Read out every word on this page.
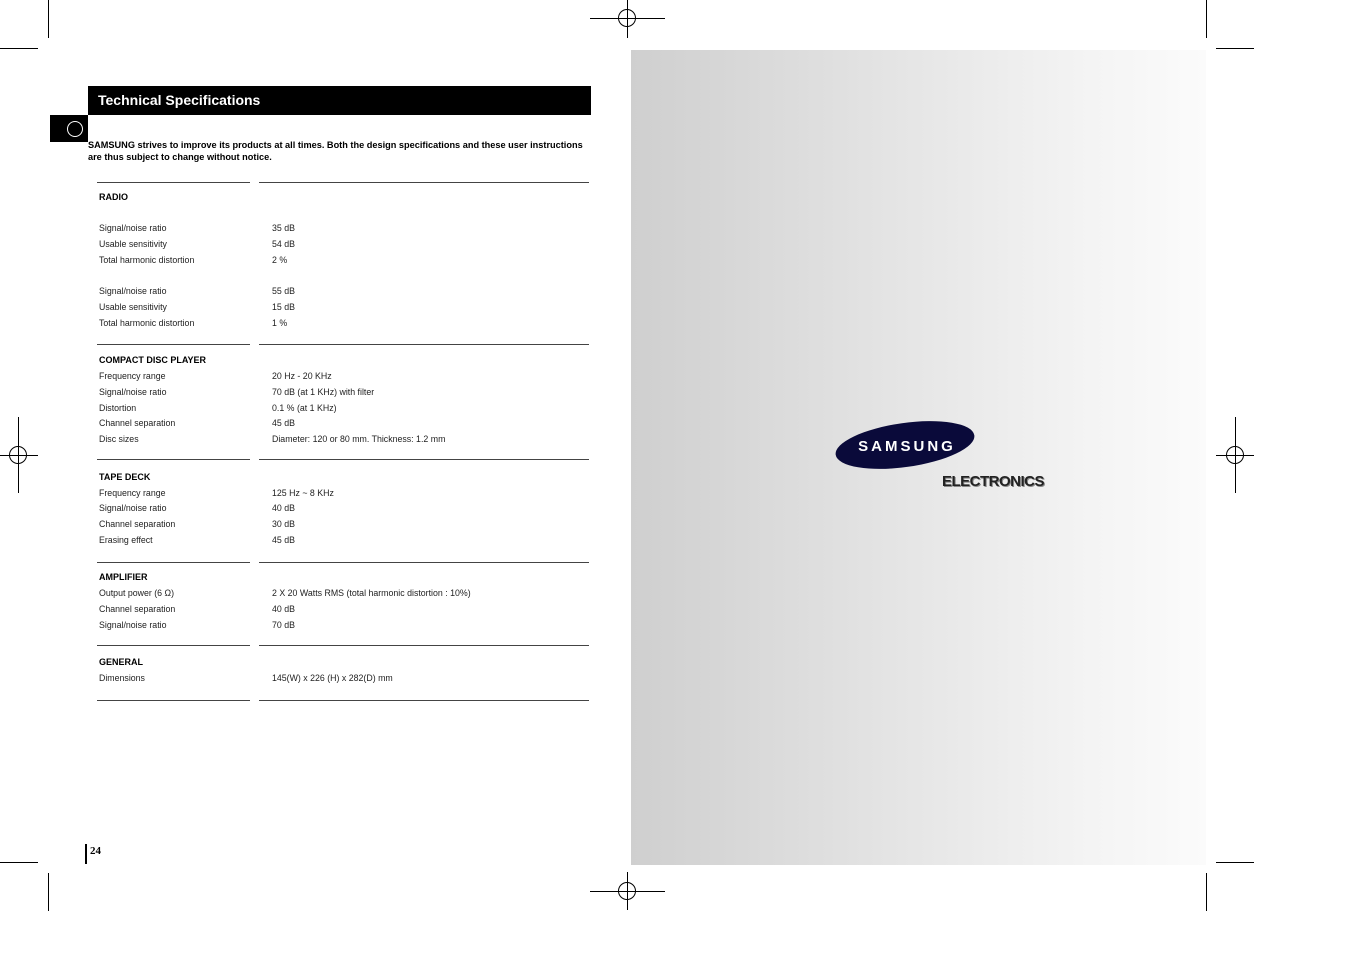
Technical Specifications
SAMSUNG strives to improve its products at all times. Both the design specifications and these user instructions are thus subject to change without notice.
RADIO
Signal/noise ratio	35 dB
Usable sensitivity	54 dB
Total harmonic distortion	2 %
Signal/noise ratio	55 dB
Usable sensitivity	15 dB
Total harmonic distortion	1 %
COMPACT DISC PLAYER
Frequency range	20 Hz - 20 KHz
Signal/noise ratio	70 dB (at 1 KHz) with filter
Distortion	0.1 % (at 1 KHz)
Channel separation	45 dB
Disc sizes	Diameter: 120 or 80 mm. Thickness: 1.2 mm
TAPE DECK
Frequency range	125 Hz ~ 8 KHz
Signal/noise ratio	40 dB
Channel separation	30 dB
Erasing effect	45 dB
AMPLIFIER
Output power (6 Ω)	2 X 20 Watts RMS (total harmonic distortion : 10%)
Channel separation	40 dB
Signal/noise ratio	70 dB
GENERAL
Dimensions	145(W) x 226 (H) x 282(D) mm
24
SAMSUNG
ELECTRONICS
